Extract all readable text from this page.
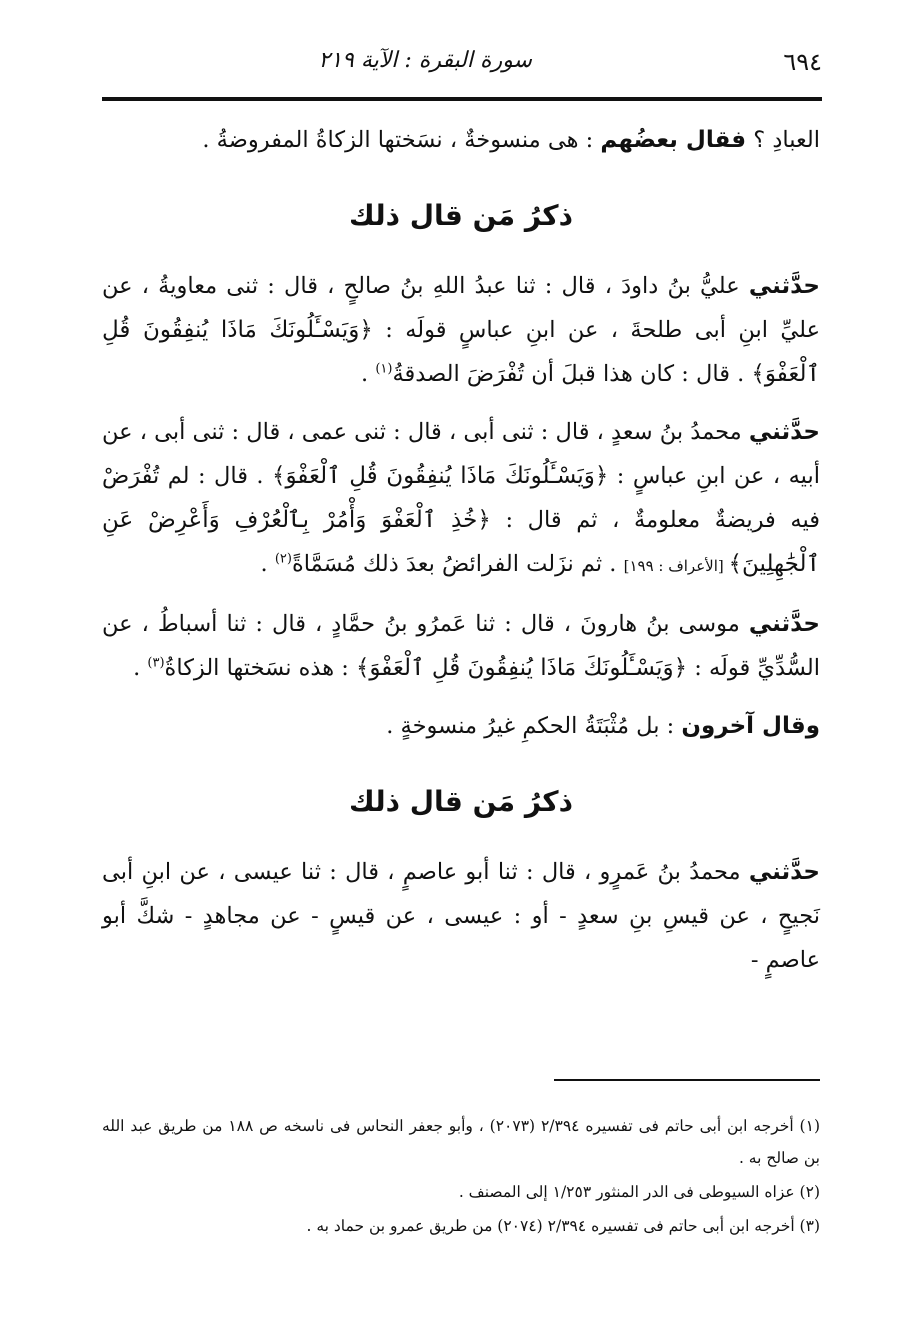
٦٩٤
سورة البقرة : الآية ٢١٩

العبادِ ؟ فقال بعضُهم : هى منسوخةٌ ، نسَختها الزكاةُ المفروضةُ .

ذكرُ مَن قال ذلك

حدَّثني عليُّ بنُ داودَ ، قال : ثنا عبدُ اللهِ بنُ صالحٍ ، قال : ثنى معاويةُ ، عن عليِّ ابنِ أبى طلحةَ ، عن ابنِ عباسٍ قولَه : ﴿وَيَسْـَٔلُونَكَ مَاذَا يُنفِقُونَ قُلِ ٱلْعَفْوَ﴾ . قال : كان هذا قبلَ أن تُفْرَضَ الصدقةُ$^{(١)}$ .

حدَّثني محمدُ بنُ سعدٍ ، قال : ثنى أبى ، قال : ثنى عمى ، قال : ثنى أبى ، عن أبيه ، عن ابنِ عباسٍ : ﴿وَيَسْـَٔلُونَكَ مَاذَا يُنفِقُونَ قُلِ ٱلْعَفْوَ﴾ . قال : لم تُفْرَضْ فيه فريضةٌ معلومةٌ ، ثم قال : ﴿خُذِ ٱلْعَفْوَ وَأْمُرْ بِٱلْعُرْفِ وَأَعْرِضْ عَنِ ٱلْجَٰهِلِينَ﴾ [الأعراف : ١٩٩] . ثم نزَلت الفرائضُ بعدَ ذلك مُسَمَّاةً$^{(٢)}$ .

حدَّثني موسى بنُ هارونَ ، قال : ثنا عَمرُو بنُ حمَّادٍ ، قال : ثنا أسباطُ ، عن السُّدِّيِّ قولَه : ﴿وَيَسْـَٔلُونَكَ مَاذَا يُنفِقُونَ قُلِ ٱلْعَفْوَ﴾ : هذه نسَختها الزكاةُ$^{(٣)}$ .

وقال آخرون : بل مُثْبَتَةُ الحكمِ غيرُ منسوخةٍ .

ذكرُ مَن قال ذلك

حدَّثني محمدُ بنُ عَمرٍو ، قال : ثنا أبو عاصمٍ ، قال : ثنا عيسى ، عن ابنِ أبى نَجيحٍ ، عن قيسِ بنِ سعدٍ - أو : عيسى ، عن قيسٍ - عن مجاهدٍ - شكَّ أبو عاصمٍ -

(١) أخرجه ابن أبى حاتم فى تفسيره ٢/٣٩٤ (٢٠٧٣) ، وأبو جعفر النحاس فى ناسخه ص ١٨٨ من طريق عبد الله بن صالح به .

(٢) عزاه السيوطى فى الدر المنثور ١/٢٥٣ إلى المصنف .

(٣) أخرجه ابن أبى حاتم فى تفسيره ٢/٣٩٤ (٢٠٧٤) من طريق عمرو بن حماد به .
